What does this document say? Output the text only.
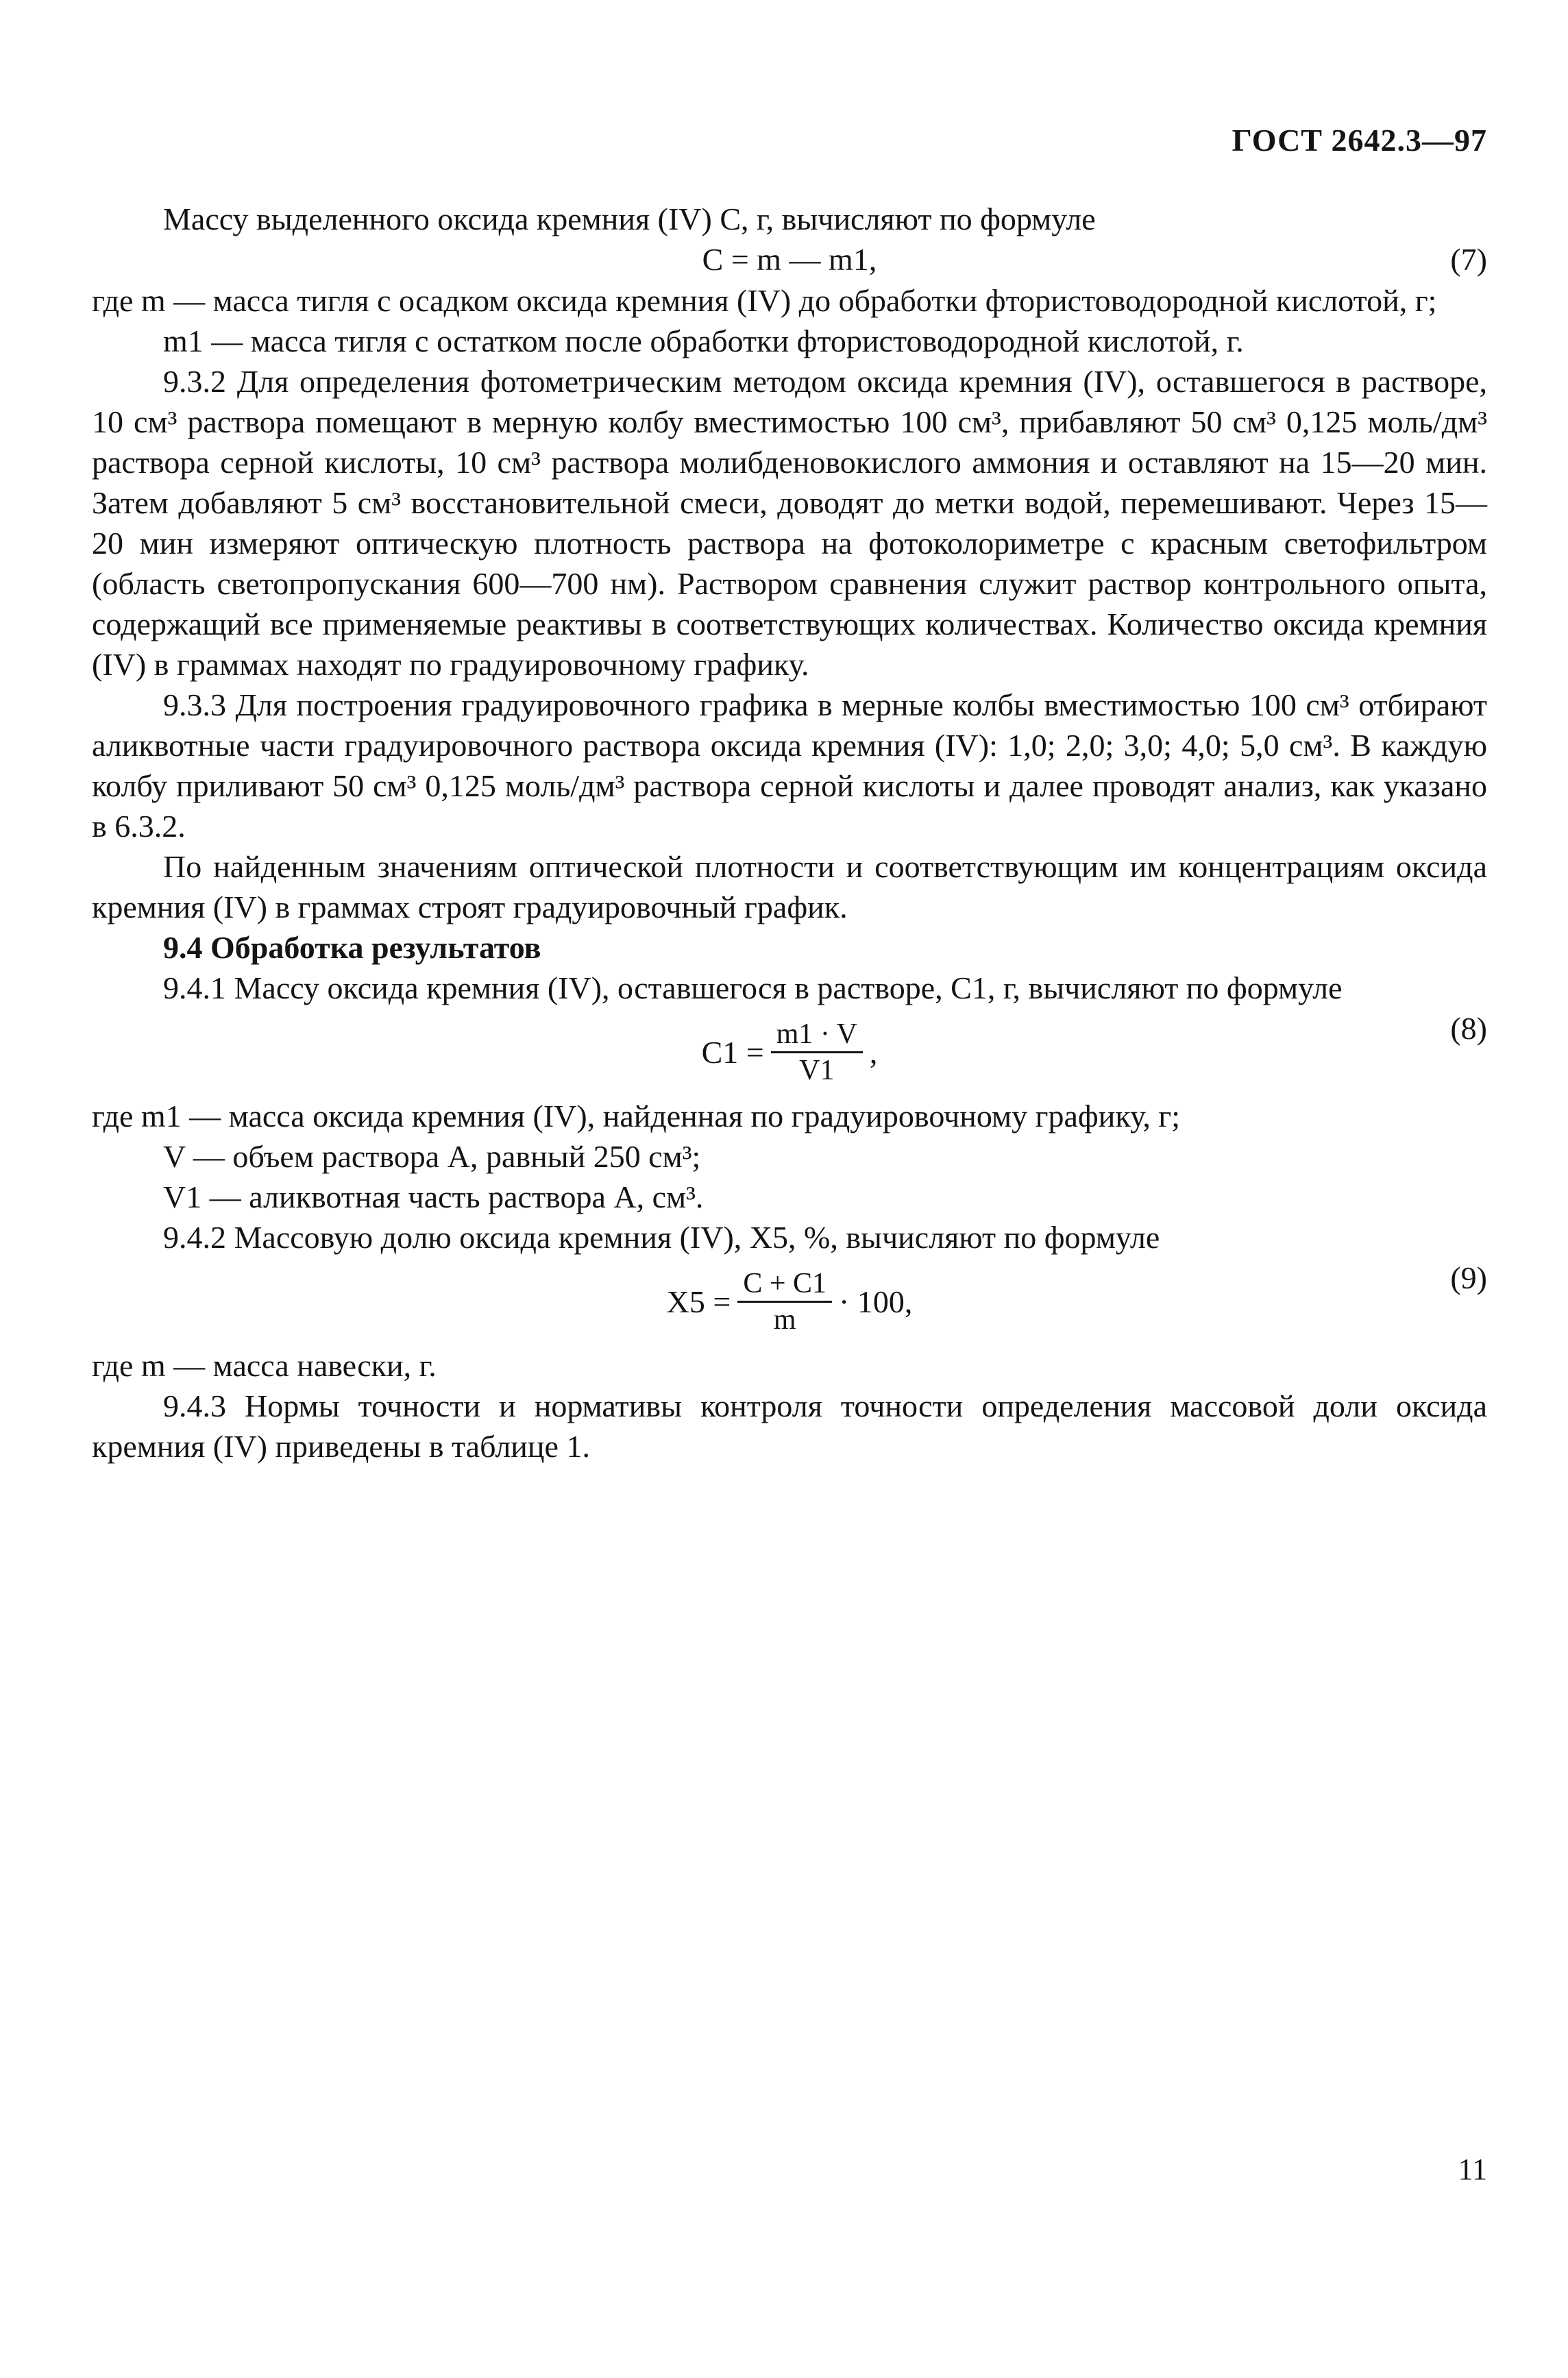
ГОСТ 2642.3—97

Массу выделенного оксида кремния (IV) C, г, вычисляют по формуле

C = m — m1,	(7)

где m — масса тигля с осадком оксида кремния (IV) до обработки фтористоводородной кислотой, г;

m1 — масса тигля с остатком после обработки фтористоводородной кислотой, г.

9.3.2 Для определения фотометрическим методом оксида кремния (IV), оставшегося в растворе, 10 см³ раствора помещают в мерную колбу вместимостью 100 см³, прибавляют 50 см³ 0,125 моль/дм³ раствора серной кислоты, 10 см³ раствора молибденовокислого аммония и оставляют на 15—20 мин. Затем добавляют 5 см³ восстановительной смеси, доводят до метки водой, перемешивают. Через 15—20 мин измеряют оптическую плотность раствора на фотоколориметре с красным светофильтром (область светопропускания 600—700 нм). Раствором сравнения служит раствор контрольного опыта, содержащий все применяемые реактивы в соответствующих количествах. Количество оксида кремния (IV) в граммах находят по градуировочному графику.

9.3.3 Для построения градуировочного графика в мерные колбы вместимостью 100 см³ отбирают аликвотные части градуировочного раствора оксида кремния (IV): 1,0; 2,0; 3,0; 4,0; 5,0 см³. В каждую колбу приливают 50 см³ 0,125 моль/дм³ раствора серной кислоты и далее проводят анализ, как указано в 6.3.2.

По найденным значениям оптической плотности и соответствующим им концентрациям оксида кремния (IV) в граммах строят градуировочный график.

9.4 Обработка результатов

9.4.1 Массу оксида кремния (IV), оставшегося в растворе, C1, г, вычисляют по формуле

$C1 = \frac{m1 \cdot V}{V1}$ ,
(8)

где m1 — масса оксида кремния (IV), найденная по градуировочному графику, г;

V — объем раствора А, равный 250 см³;

V1 — аликвотная часть раствора А, см³.

9.4.2 Массовую долю оксида кремния (IV), X5, %, вычисляют по формуле

$X5 = \frac{C + C1}{m} \cdot 100$,
(9)

где m — масса навески, г.

9.4.3 Нормы точности и нормативы контроля точности определения массовой доли оксида кремния (IV) приведены в таблице 1.

11
